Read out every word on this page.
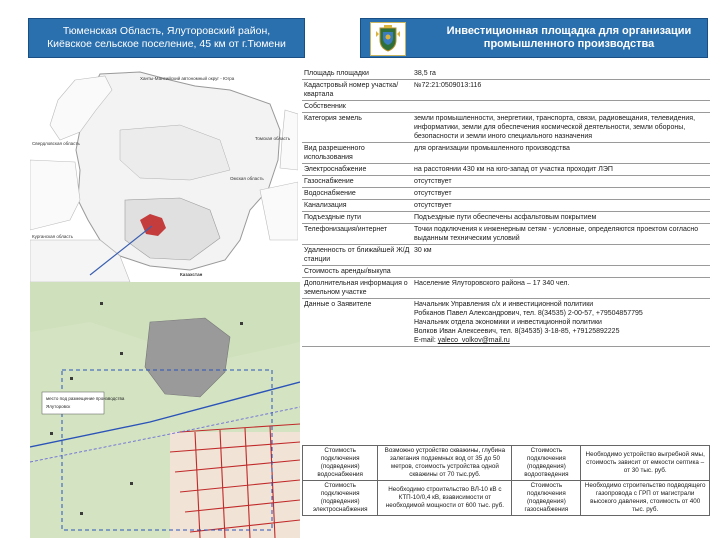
Тюменская Область, Ялуторовский район,
Киёвское сельское поселение, 45 км от г.Тюмени
Инвестиционная площадка для организации
промышленного производства
Ханты-Мансийский автономный округ - Югра
Свердловская область
Томская область
Омская область
Курганская область
Казахстан
место под размещение производства
Ялуторовск
Площадь площадки	38,5 га
Кадастровый номер участка/квартала	№72:21:0509013:116
Собственник	
Категория земель	земли промышленности, энергетики, транспорта, связи, радиовещания, телевидения, информатики, земли для обеспечения космической деятельности, земли обороны, безопасности и земли иного специального назначения
Вид разрешенного использования	для организации промышленного производства
Электроснабжение	на расстоянии 430 км на юго-запад от участка проходит ЛЭП
Газоснабжение	отсутствует
Водоснабжение	отсутствует
Канализация	отсутствует
Подъездные пути	Подъездные пути обеспечены асфальтовым покрытием
Телефонизация/интернет	Точки подключения к инженерным сетям - условные, определяются проектом согласно выданным техническим условий
Удаленность от ближайшей Ж/Д станции	30 км
Стоимость аренды/выкупа	
Дополнительная информация о земельном участке	Население Ялуторовского района – 17 340 чел.
Данные о Заявителе	Начальник Управления с/х и инвестиционной политики
Робканов Павел Александрович, тел. 8(34535) 2-00-57, +79504857795
Начальник отдела экономики и инвестиционной политики
Волков Иван Алексеевич, тел. 8(34535) 3-18-85, +79125892225
E-mail: yaleco_volkov@mail.ru
Стоимость подключения (подведения) водоснабжения	Возможно устройство скважины, глубина залегания подземных вод от 35 до 50 метров, стоимость устройства одной скважины от 70 тыс.руб.	Стоимость подключения (подведения) водоотведения	Необходимо устройство выгребной ямы, стоимость зависит от емкости септика – от 30 тыс. руб.
Стоимость подключения (подведения) электроснабжения	Необходимо строительство ВЛ-10 кВ с КТП-10/0,4 кВ, взависимости от необходимой мощности от 600 тыс. руб.	Стоимость подключения (подведения) газоснабжения	Необходимо строительство подводящего газопровода с ГРП от магистрали высокого давления, стоимость от 400 тыс. руб.
